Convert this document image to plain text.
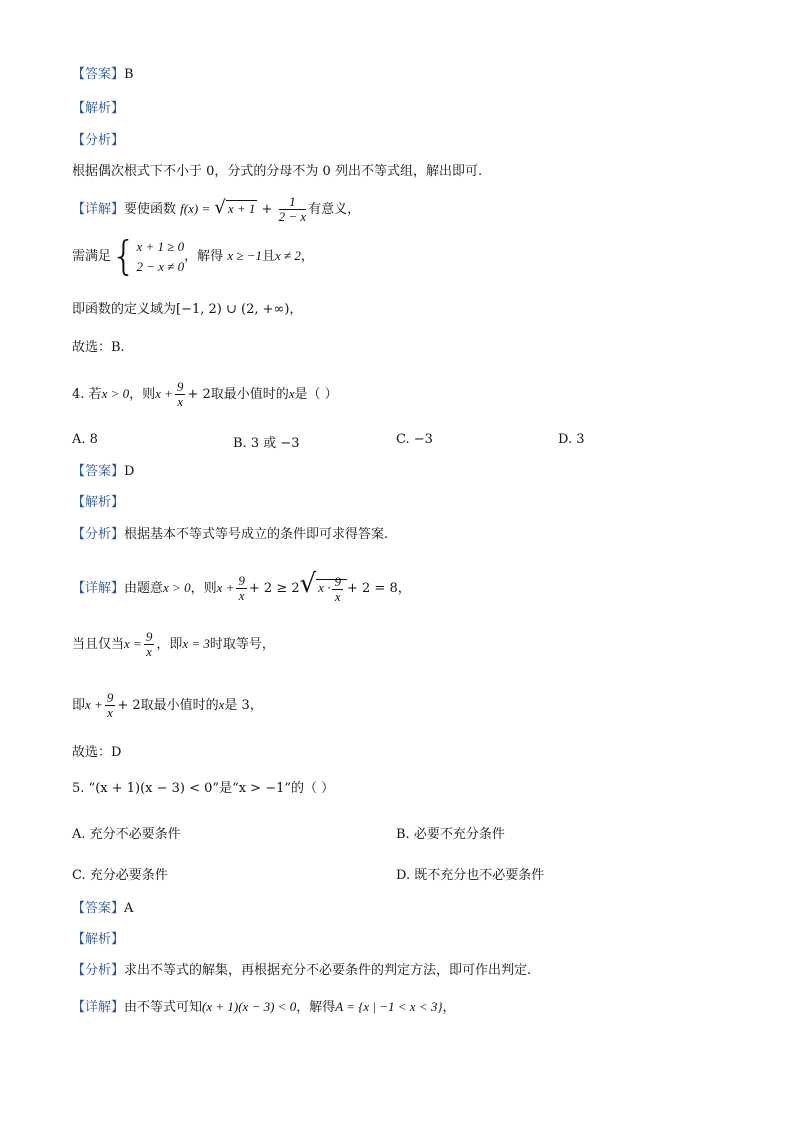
【答案】B
【解析】
【分析】
根据偶次根式下不小于 0，分式的分母不为 0 列出不等式组，解出即可.
【详解】要使函数 f(x) = √ $x + 1 + \frac{1}{2 - x}$ 有意义，
需满足{ x + 1 ≥ 0
2 − x ≠ 0
，解得 x ≥ −1且x ≠ 2，
即函数的定义域为[−1, 2) ∪ (2, +∞)，
故选：B.
4. 若x > 0，则$x + \frac{9}{x} + 2$取最小值时的x是（ ）
A. 8	B. 3 或 −3	C. −3	D. 3
【答案】D
【解析】
【分析】根据基本不等式等号成立的条件即可求得答案.
【详解】由题意x > 0，则$x + \frac{9}{x} + 2 \ge 2√$ $x \cdot \frac{9}{x} + 2 = 8$，
当且仅当$x = \frac{9}{x}$ ，即x = 3时取等号，
即$x + \frac{9}{x} + 2$取最小值时的x是 3，
故选：D
5. “(x + 1)(x − 3) < 0”是“x > −1”的（ ）
A. 充分不必要条件	B. 必要不充分条件
C. 充分必要条件	D. 既不充分也不必要条件
【答案】A
【解析】
【分析】求出不等式的解集，再根据充分不必要条件的判定方法，即可作出判定.
【详解】由不等式可知(x + 1)(x − 3) < 0，解得A = {x | −1 < x < 3}，
